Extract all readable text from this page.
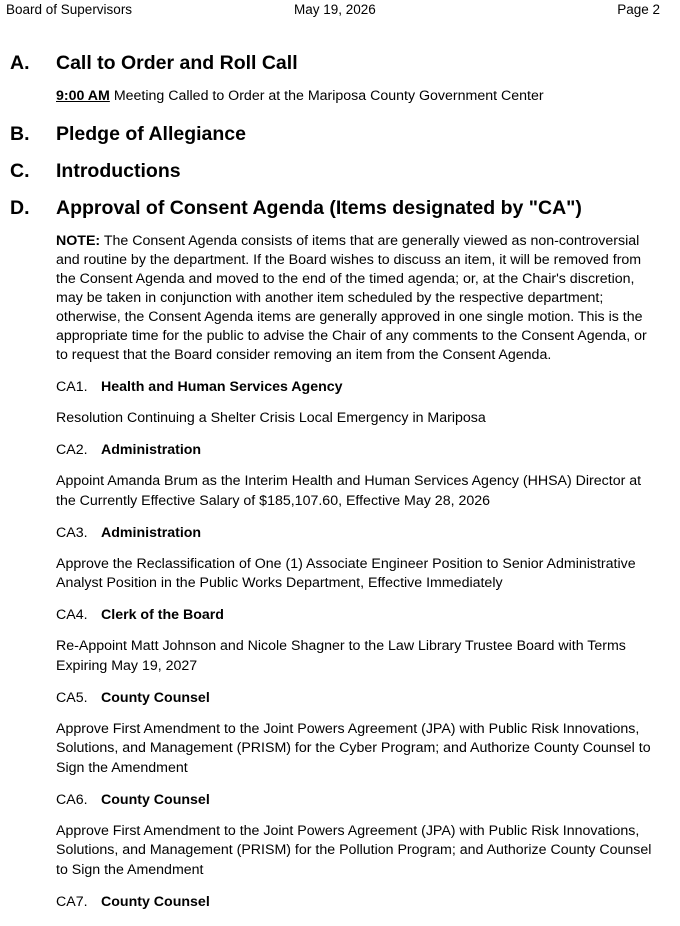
Board of Supervisors	May 19, 2026	Page 2
A. Call to Order and Roll Call
9:00 AM Meeting Called to Order at the Mariposa County Government Center
B. Pledge of Allegiance
C. Introductions
D. Approval of Consent Agenda (Items designated by "CA")
NOTE: The Consent Agenda consists of items that are generally viewed as non-controversial and routine by the department. If the Board wishes to discuss an item, it will be removed from the Consent Agenda and moved to the end of the timed agenda; or, at the Chair's discretion, may be taken in conjunction with another item scheduled by the respective department; otherwise, the Consent Agenda items are generally approved in one single motion. This is the appropriate time for the public to advise the Chair of any comments to the Consent Agenda, or to request that the Board consider removing an item from the Consent Agenda.
CA1. Health and Human Services Agency
Resolution Continuing a Shelter Crisis Local Emergency in Mariposa
CA2. Administration
Appoint Amanda Brum as the Interim Health and Human Services Agency (HHSA) Director at the Currently Effective Salary of $185,107.60, Effective May 28, 2026
CA3. Administration
Approve the Reclassification of One (1) Associate Engineer Position to Senior Administrative Analyst Position in the Public Works Department, Effective Immediately
CA4. Clerk of the Board
Re-Appoint Matt Johnson and Nicole Shagner to the Law Library Trustee Board with Terms Expiring May 19, 2027
CA5. County Counsel
Approve First Amendment to the Joint Powers Agreement (JPA) with Public Risk Innovations, Solutions, and Management (PRISM) for the Cyber Program; and Authorize County Counsel to Sign the Amendment
CA6. County Counsel
Approve First Amendment to the Joint Powers Agreement (JPA) with Public Risk Innovations, Solutions, and Management (PRISM) for the Pollution Program; and Authorize County Counsel to Sign the Amendment
CA7. County Counsel
